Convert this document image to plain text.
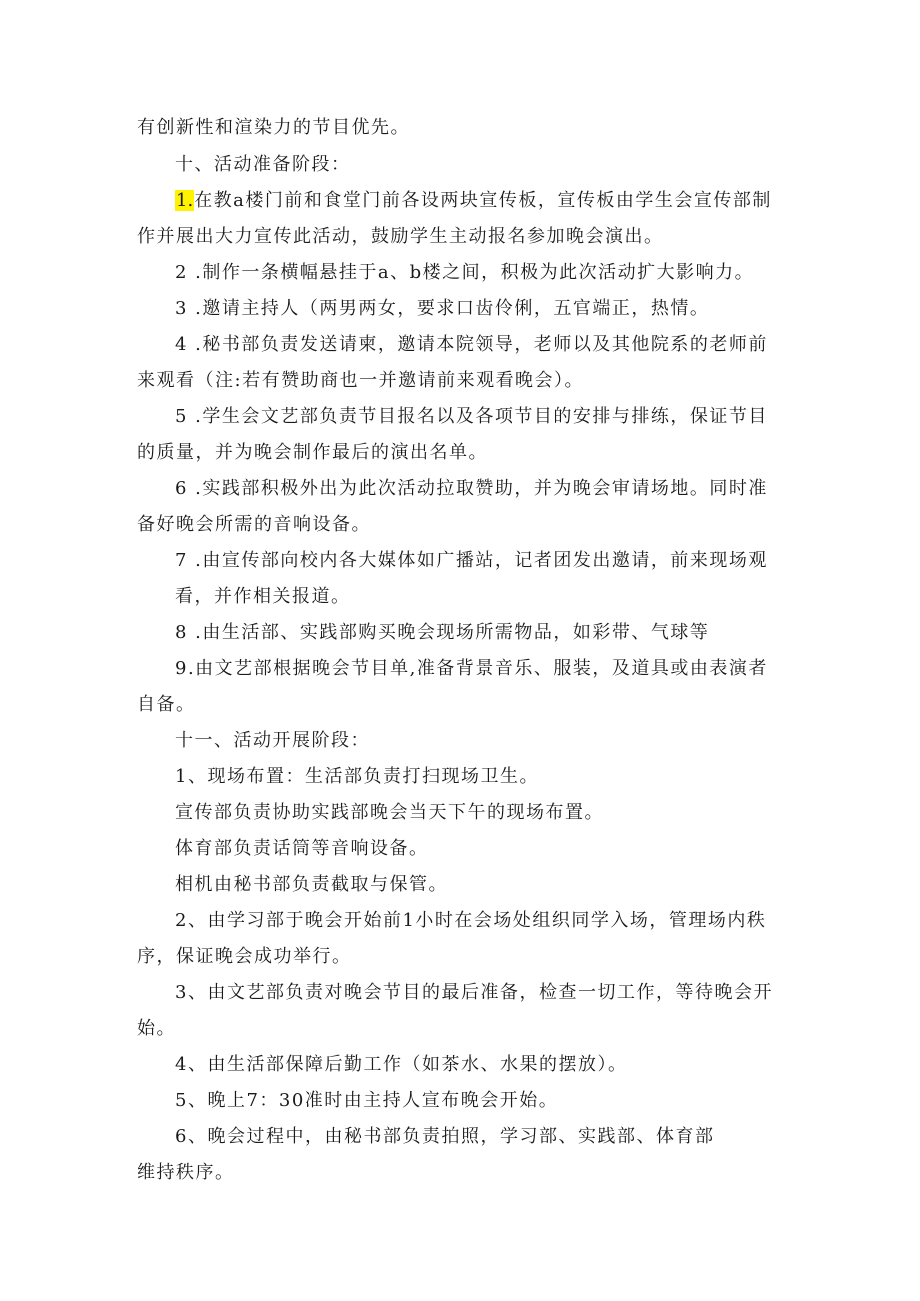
有创新性和渲染力的节目优先。
十、活动准备阶段：
1.在教a楼门前和食堂门前各设两块宣传板，宣传板由学生会宣传部制
作并展出大力宣传此活动，鼓励学生主动报名参加晚会演出。
2 .制作一条横幅悬挂于a、b楼之间，积极为此次活动扩大影响力。
3 .邀请主持人（两男两女，要求口齿伶俐，五官端正，热情。
4 .秘书部负责发送请柬，邀请本院领导，老师以及其他院系的老师前
来观看（注:若有赞助商也一并邀请前来观看晚会）。
5 .学生会文艺部负责节目报名以及各项节目的安排与排练，保证节目
的质量，并为晚会制作最后的演出名单。
6 .实践部积极外出为此次活动拉取赞助，并为晚会审请场地。同时准
备好晚会所需的音响设备。
7 .由宣传部向校内各大媒体如广播站，记者团发出邀请，前来现场观
看，并作相关报道。
8 .由生活部、实践部购买晚会现场所需物品，如彩带、气球等
9.由文艺部根据晚会节目单,准备背景音乐、服装，及道具或由表演者
自备。
十一、活动开展阶段：
1、现场布置：生活部负责打扫现场卫生。
宣传部负责协助实践部晚会当天下午的现场布置。
体育部负责话筒等音响设备。
相机由秘书部负责截取与保管。
2、由学习部于晚会开始前1小时在会场处组织同学入场，管理场内秩
序，保证晚会成功举行。
3、由文艺部负责对晚会节目的最后准备，检查一切工作，等待晚会开
始。
4、由生活部保障后勤工作（如茶水、水果的摆放）。
5、晚上7：30准时由主持人宣布晚会开始。
6、晚会过程中，由秘书部负责拍照，学习部、实践部、体育部
维持秩序。
